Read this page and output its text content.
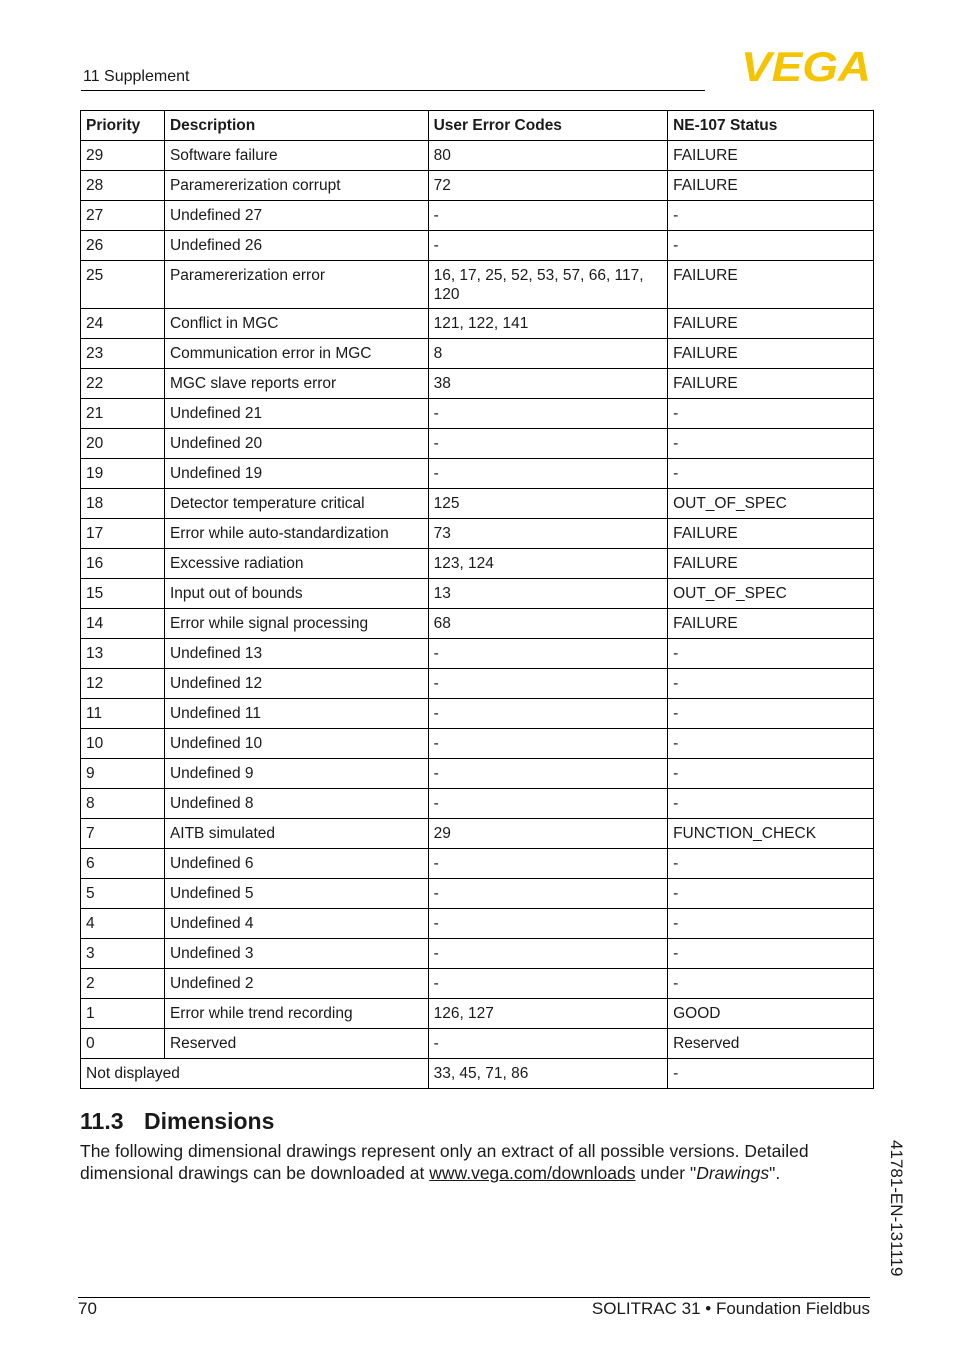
11 Supplement	VEGA
Priority	Description	User Error Codes	NE-107 Status
29	Software failure	80	FAILURE
28	Paramererization corrupt	72	FAILURE
27	Undefined 27	-	-
26	Undefined 26	-	-
25	Paramererization error	16, 17, 25, 52, 53, 57, 66, 117, 120	FAILURE
24	Conflict in MGC	121, 122, 141	FAILURE
23	Communication error in MGC	8	FAILURE
22	MGC slave reports error	38	FAILURE
21	Undefined 21	-	-
20	Undefined 20	-	-
19	Undefined 19	-	-
18	Detector temperature critical	125	OUT_OF_SPEC
17	Error while auto-standardization	73	FAILURE
16	Excessive radiation	123, 124	FAILURE
15	Input out of bounds	13	OUT_OF_SPEC
14	Error while signal processing	68	FAILURE
13	Undefined 13	-	-
12	Undefined 12	-	-
11	Undefined 11	-	-
10	Undefined 10	-	-
9	Undefined 9	-	-
8	Undefined 8	-	-
7	AITB simulated	29	FUNCTION_CHECK
6	Undefined 6	-	-
5	Undefined 5	-	-
4	Undefined 4	-	-
3	Undefined 3	-	-
2	Undefined 2	-	-
1	Error while trend recording	126, 127	GOOD
0	Reserved	-	Reserved
Not displayed		33, 45, 71, 86	-
11.3 Dimensions
The following dimensional drawings represent only an extract of all possible versions. Detailed dimensional drawings can be downloaded at www.vega.com/downloads under "Drawings".	41781-EN-131119
70	SOLITRAC 31 • Foundation Fieldbus
